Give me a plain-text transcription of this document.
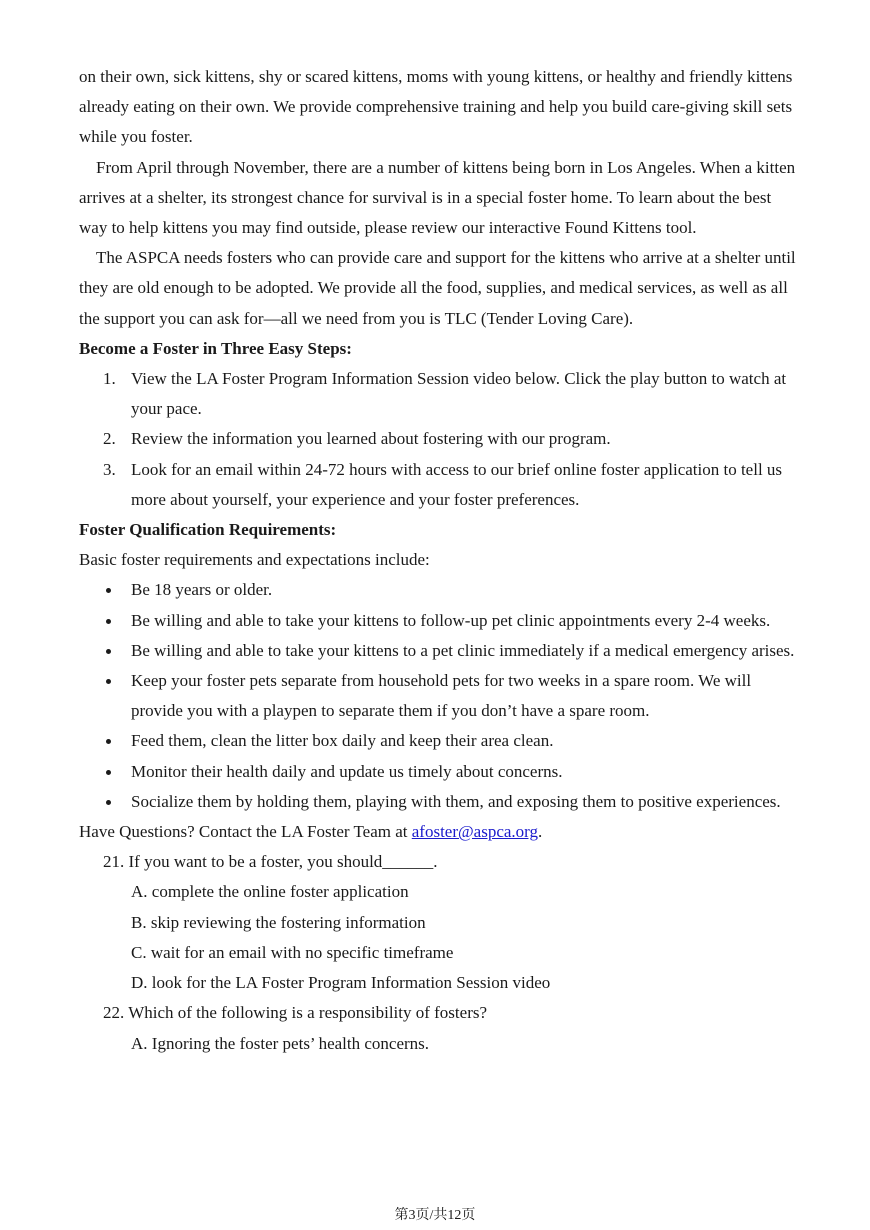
on their own, sick kittens, shy or scared kittens, moms with young kittens, or healthy and friendly kittens already eating on their own. We provide comprehensive training and help you build care-giving skill sets while you foster.

From April through November, there are a number of kittens being born in Los Angeles. When a kitten arrives at a shelter, its strongest chance for survival is in a special foster home. To learn about the best way to help kittens you may find outside, please review our interactive Found Kittens tool.

The ASPCA needs fosters who can provide care and support for the kittens who arrive at a shelter until they are old enough to be adopted. We provide all the food, supplies, and medical services, as well as all the support you can ask for—all we need from you is TLC (Tender Loving Care).

Become a Foster in Three Easy Steps:

1. View the LA Foster Program Information Session video below. Click the play button to watch at your pace.
2. Review the information you learned about fostering with our program.
3. Look for an email within 24-72 hours with access to our brief online foster application to tell us more about yourself, your experience and your foster preferences.

Foster Qualification Requirements:

Basic foster requirements and expectations include:

Be 18 years or older.
Be willing and able to take your kittens to follow-up pet clinic appointments every 2-4 weeks.
Be willing and able to take your kittens to a pet clinic immediately if a medical emergency arises.
Keep your foster pets separate from household pets for two weeks in a spare room. We will provide you with a playpen to separate them if you don’t have a spare room.
Feed them, clean the litter box daily and keep their area clean.
Monitor their health daily and update us timely about concerns.
Socialize them by holding them, playing with them, and exposing them to positive experiences.

Have Questions? Contact the LA Foster Team at afoster@aspca.org.

21. If you want to be a foster, you should______.

A. complete the online foster application

B. skip reviewing the fostering information

C. wait for an email with no specific timeframe

D. look for the LA Foster Program Information Session video

22. Which of the following is a responsibility of fosters?

A. Ignoring the foster pets’ health concerns.

第3页/共12页
